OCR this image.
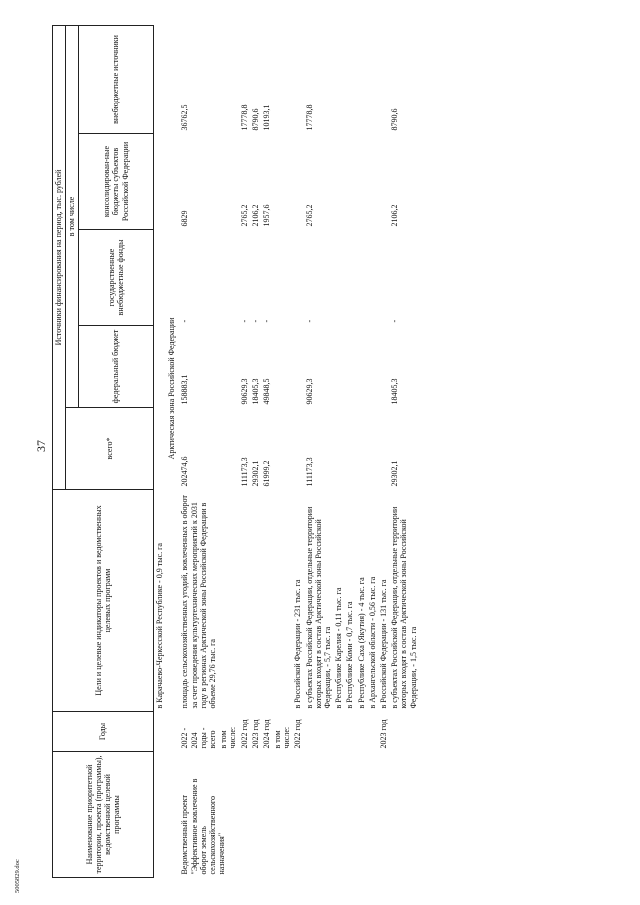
37
5005829.doc
Наименование приоритетной территории, проекта (программы), ведомственной целевой программы	Годы	Цели и целевые индикаторы проектов и ведомственных целевых программ	Источники финансирования на период, тыс. рублей				
			всего*	в том числе			
				федеральный бюджет	государственные внебюджетные фонды	консолидирован-ные бюджеты субъектов Российской Федерации	внебюджетные источники
		в Карачаево-Черкесской Республике - 0,9 тыс. га					
	Арктическая зона Российской Федерации						
Ведомственный проект "Эффективное вовлечение в оборот земель сельскохозяйственного назначения"	2022 - 2024 годы - всего	площадь сельскохозяйственных угодий, вовлеченных в оборот за счет проведения культуртехнических мероприятий к 2031 году в регионах Арктической зоны Российской Федерации в объеме 29,76 тыс. га	202474,6	158883,1	-	6829	36762,5
	в том числе:						
	2022 год		111173,3	90629,3	-	2765,2	17778,8
	2023 год		29302,1	18405,3	-	2106,2	8790,6
	2024 год		61999,2	49848,5	-	1957,6	10193,1
	в том числе:						
	2022 год	в Российской Федерации - 231 тыс. га					
		в субъектах Российской Федерации, отдельные территории которых входят в состав Арктической зоны Российской Федерации, - 5,7 тыс. га	111173,3	90629,3	-	2765,2	17778,8
		в Республике Карелия - 0,11 тыс. га					
		в Республике Коми - 0,7 тыс. га					
		в Республике Саха (Якутия) - 4 тыс. га					
		в Архангельской области - 0,56 тыс. га					
	2023 год	в Российской Федерации - 131 тыс. га					
		в субъектах Российской Федерации, отдельные территории которых входят в состав Арктической зоны Российской Федерации, - 1,5 тыс. га	29302,1	18405,3	-	2106,2	8790,6
